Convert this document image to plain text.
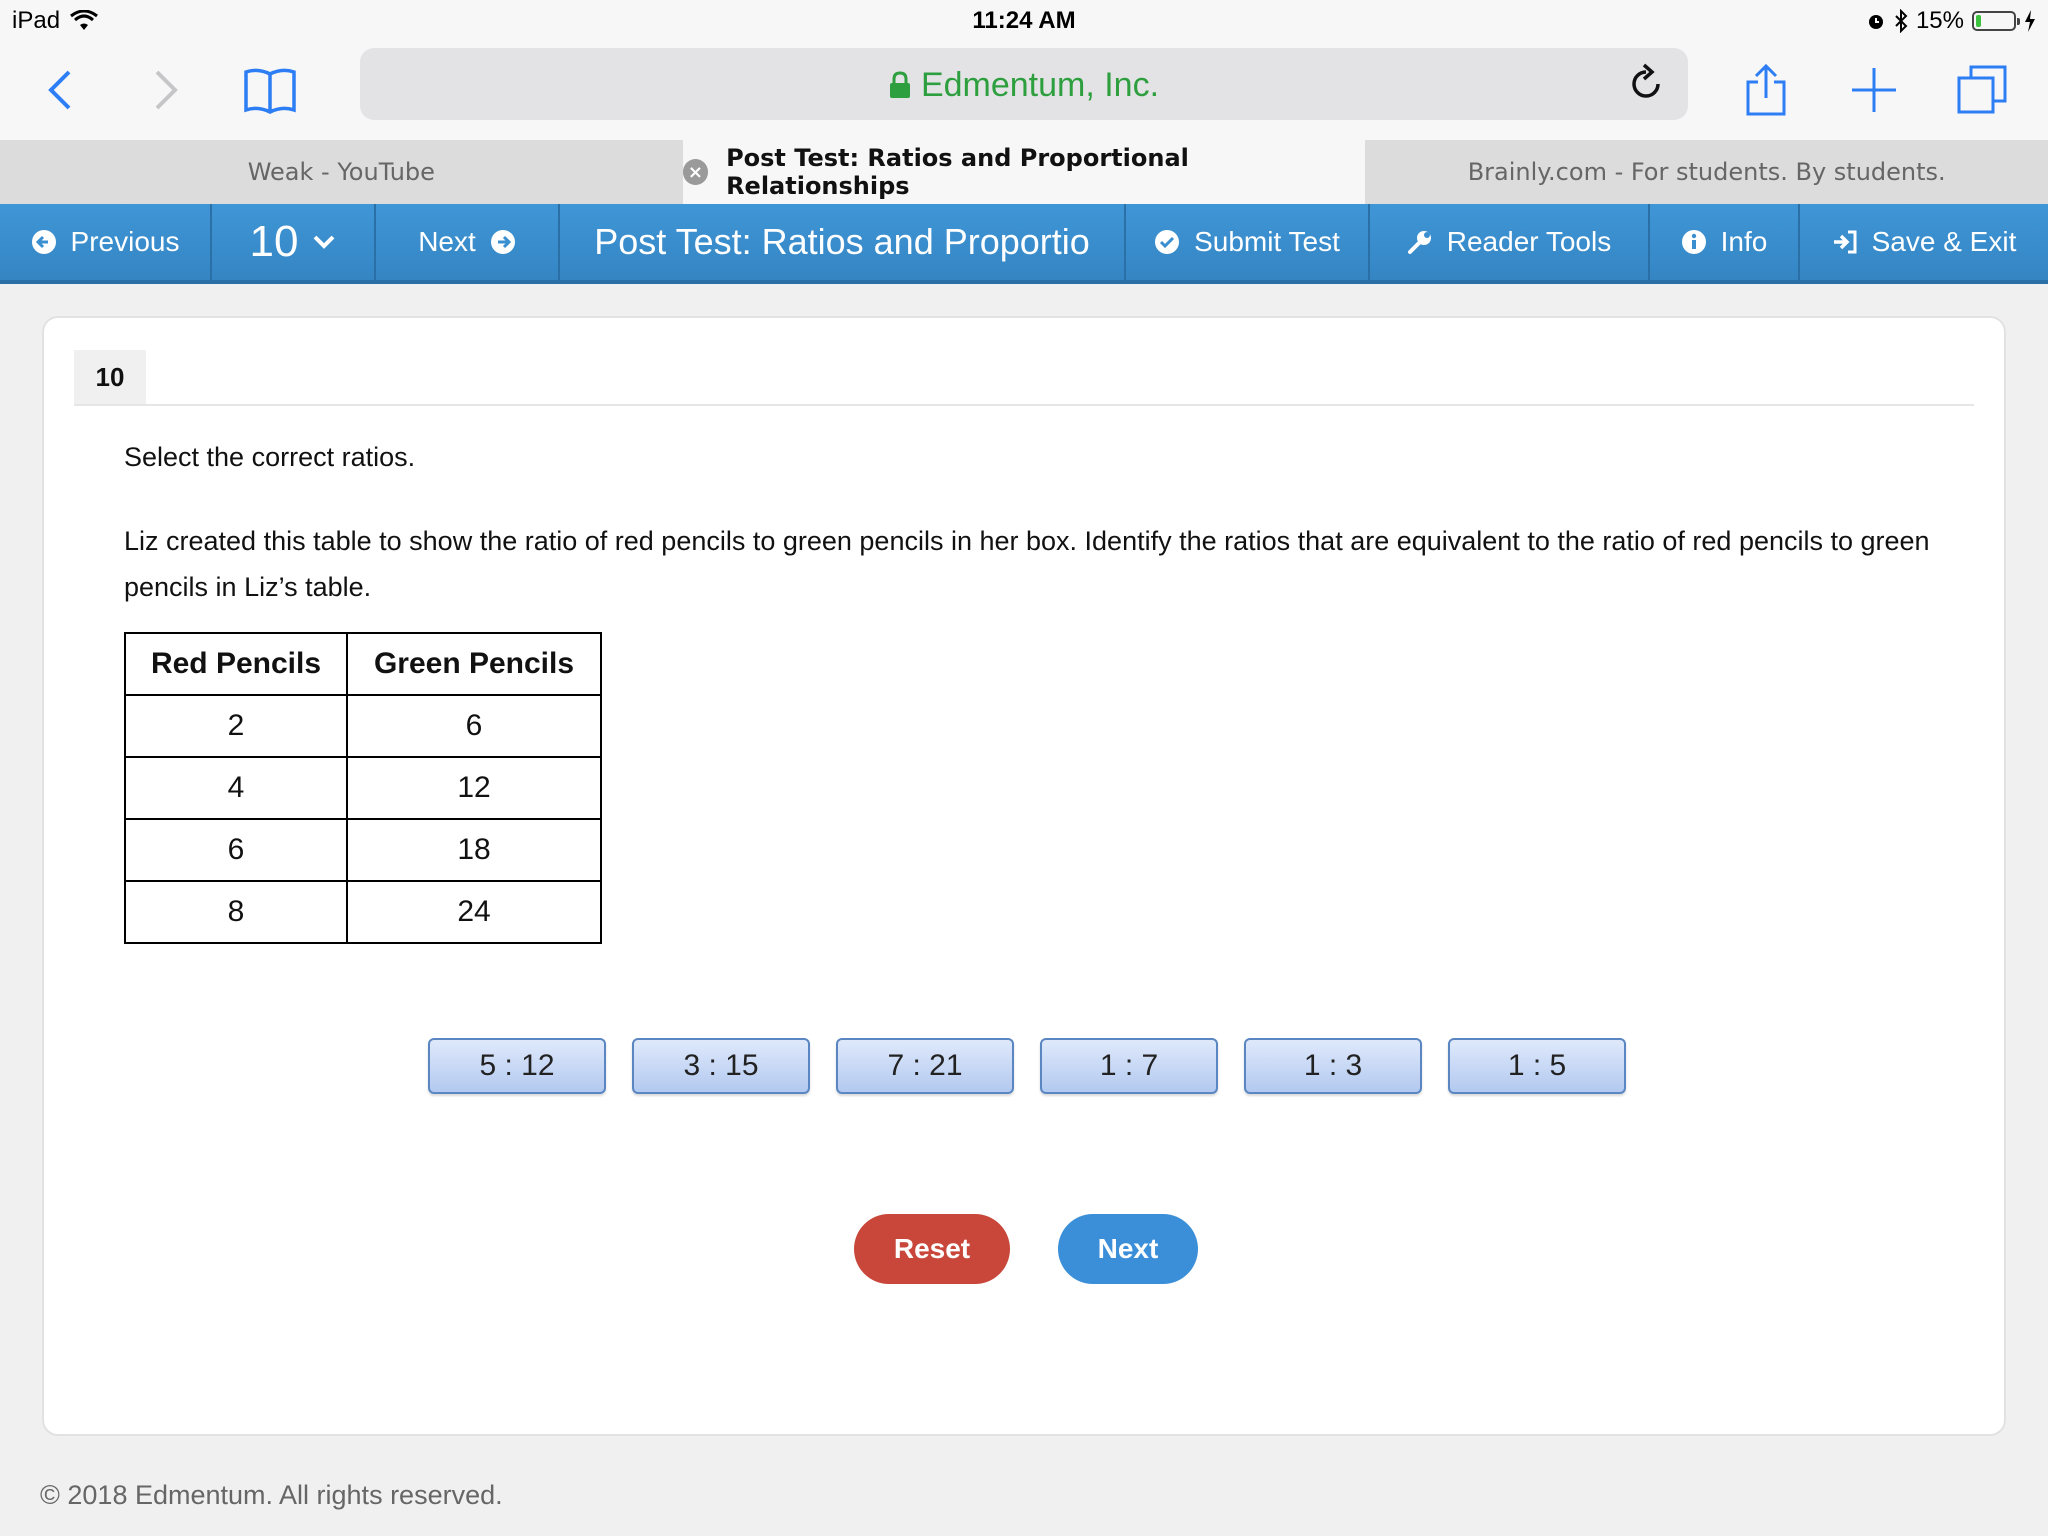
iPad	11:24 AM	15%
Edmentum, Inc.
Weak - YouTube	× Post Test: Ratios and Proportional Relationships	Brainly.com - For students. By students.
Previous 10	Next	Post Test: Ratios and Proportio	Submit Test	Reader Tools	Info	Save & Exit
10
Select the correct ratios.
Liz created this table to show the ratio of red pencils to green pencils in her box. Identify the ratios that are equivalent to the ratio of red pencils to green pencils in Liz’s table.
Red Pencils	Green Pencils
2	6
4	12
6	18
8	24
5 : 12	3 : 15	7 : 21	1 : 7	1 : 3	1 : 5
Reset	Next
© 2018 Edmentum. All rights reserved.
